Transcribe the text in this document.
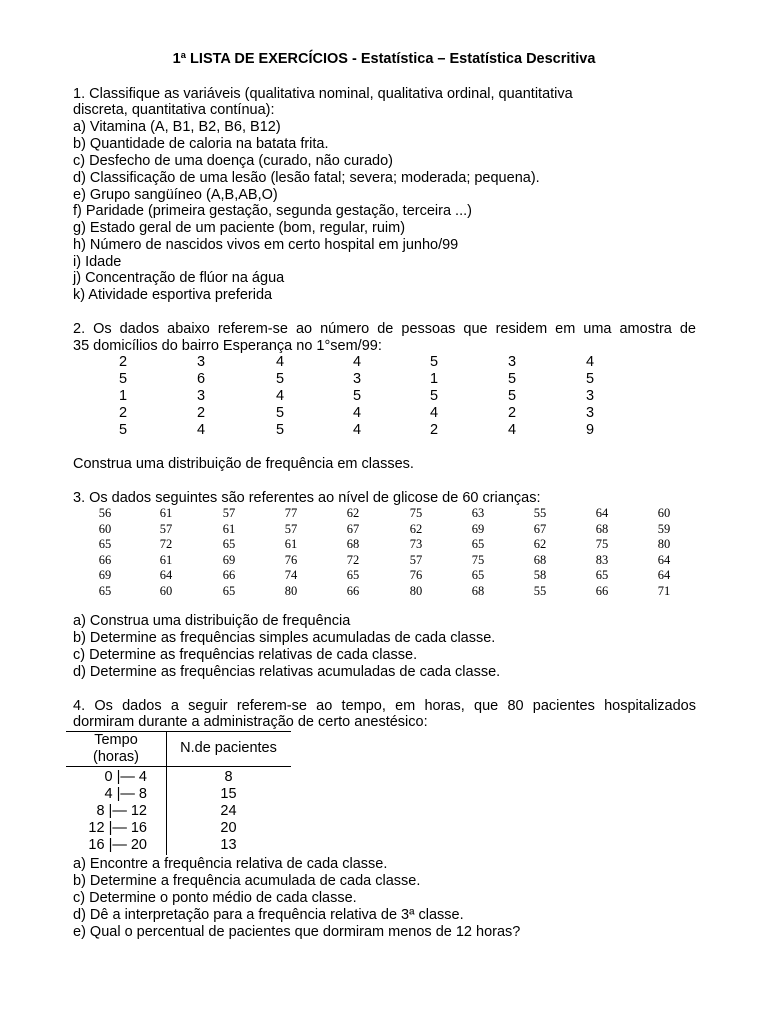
1ª LISTA DE EXERCÍCIOS - Estatística – Estatística Descritiva
1. Classifique as variáveis (qualitativa nominal, qualitativa ordinal, quantitativa
discreta, quantitativa contínua):
a) Vitamina (A, B1, B2, B6, B12)
b) Quantidade de caloria na batata frita.
c) Desfecho de uma doença (curado, não curado)
d) Classificação de uma lesão (lesão fatal; severa; moderada; pequena).
e) Grupo sangüíneo (A,B,AB,O)
f) Paridade (primeira gestação, segunda gestação, terceira ...)
g) Estado geral de um paciente (bom, regular, ruim)
h) Número de nascidos vivos em certo hospital em junho/99
i) Idade
j) Concentração de flúor na água
k) Atividade esportiva preferida
2. Os dados abaixo referem-se ao número de pessoas que residem em uma amostra de
35 domicílios do bairro Esperança no 1°sem/99:
2	3	4	4	5	3	4
5	6	5	3	1	5	5
1	3	4	5	5	5	3
2	2	5	4	4	2	3
5	4	5	4	2	4	9
Construa uma distribuição de frequência em classes.
3. Os dados seguintes são referentes ao nível de glicose de 60 crianças:
56	61	57	77	62	75	63	55	64	60
60	57	61	57	67	62	69	67	68	59
65	72	65	61	68	73	65	62	75	80
66	61	69	76	72	57	75	68	83	64
69	64	66	74	65	76	65	58	65	64
65	60	65	80	66	80	68	55	66	71
a) Construa uma distribuição de frequência
b) Determine as frequências simples acumuladas de cada classe.
c) Determine as frequências relativas de cada classe.
d) Determine as frequências relativas acumuladas de cada classe.
4. Os dados a seguir referem-se ao tempo, em horas, que 80 pacientes hospitalizados
dormiram durante a administração de certo anestésico:
Tempo
(horas)
N.de pacientes
0 |— 4	8
4 |— 8	15
8 |— 12	24
12 |— 16	20
16 |— 20	13
a) Encontre a frequência relativa de cada classe.
b) Determine a frequência acumulada de cada classe.
c) Determine o ponto médio de cada classe.
d) Dê a interpretação para a frequência relativa de 3ª classe.
e) Qual o percentual de pacientes que dormiram menos de 12 horas?
